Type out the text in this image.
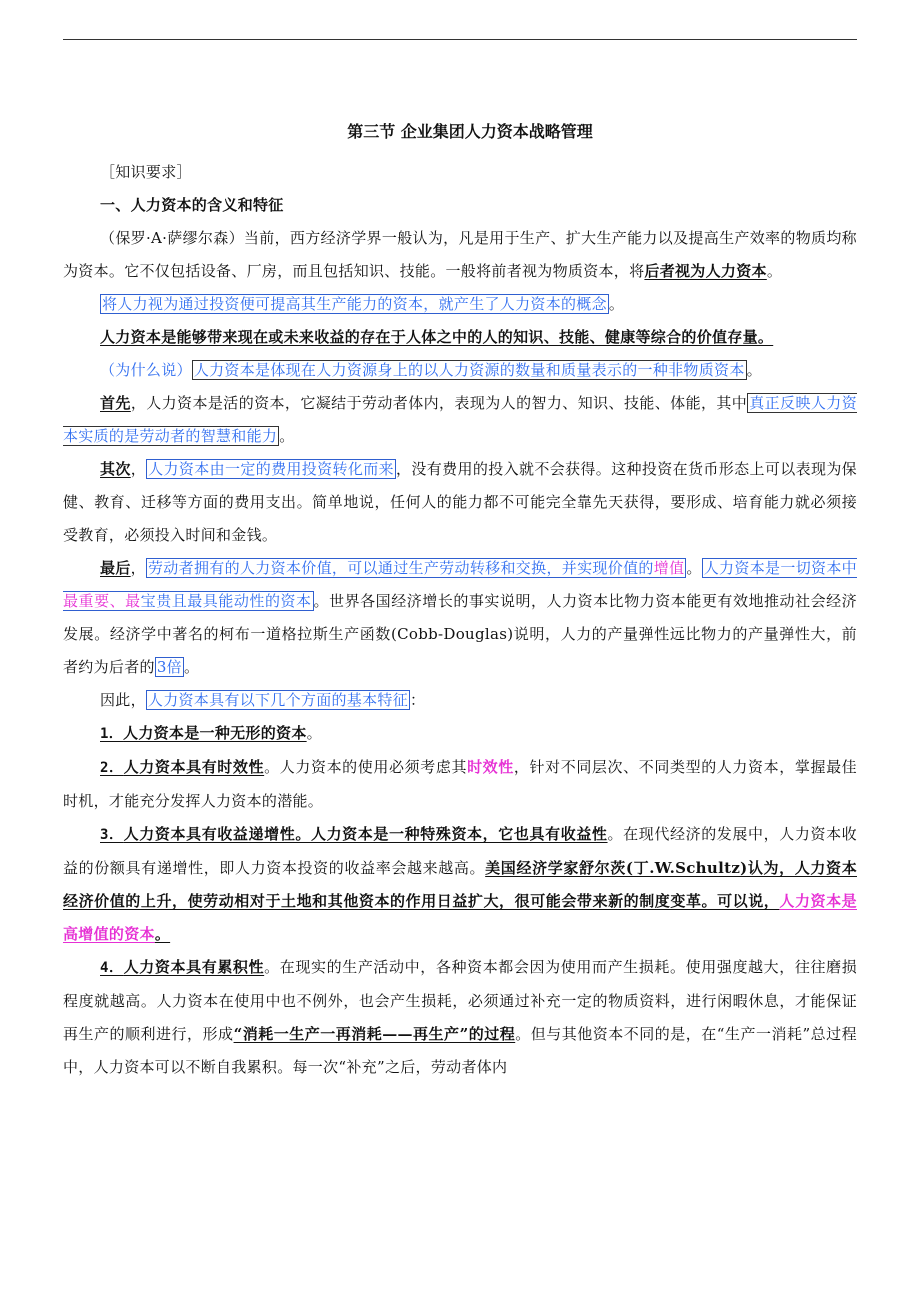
第三节 企业集团人力资本战略管理

［知识要求］

一、人力资本的含义和特征

（保罗·A·萨缪尔森）当前，西方经济学界一般认为，凡是用于生产、扩大生产能力以及提高生产效率的物质均称为资本。它不仅包括设备、厂房，而且包括知识、技能。一般将前者视为物质资本，将后者视为人力资本。

将人力视为通过投资便可提高其生产能力的资本，就产生了人力资本的概念 。

人力资本是能够带来现在或未来收益的存在于人体之中的人的知识、技能、健康等综合的价值存量。

（为什么说） 人力资本是体现在人力资源身上的以人力资源的数量和质量表示的一种非物质资本 。

首先，人力资本是活的资本，它凝结于劳动者体内，表现为人的智力、知识、技能、体能，其中 真正反映人力资本实质的是劳动者的智慧和能力 。

其次， 人力资本由一定的费用投资转化而来 ，没有费用的投入就不会获得。这种投资在货币形态上可以表现为保健、教育、迁移等方面的费用支出。简单地说，任何人的能力都不可能完全靠先天获得，要形成、培育能力就必须接受教育，必须投入时间和金钱。

最后， 劳动者拥有的人力资本价值，可以通过生产劳动转移和交换，并实现价值的增值 。 人力资本是一切资本中最重要、最宝贵且最具能动性的资本 。世界各国经济增长的事实说明，人力资本比物力资本能更有效地推动社会经济发展。经济学中著名的柯布一道格拉斯生产函数(Cobb-Douglas)说明，人力的产量弹性远比物力的产量弹性大，前者约为后者的 3倍 。

因此， 人力资本具有以下几个方面的基本特征 ：

1．人力资本是一种无形的资本。

2．人力资本具有时效性。人力资本的使用必须考虑其时效性，针对不同层次、不同类型的人力资本，掌握最佳时机，才能充分发挥人力资本的潜能。

3．人力资本具有收益递增性。人力资本是一种特殊资本，它也具有收益性。在现代经济的发展中，人力资本收益的份额具有递增性，即人力资本投资的收益率会越来越高。美国经济学家舒尔茨(丁.W.Schultz)认为，人力资本经济价值的上升，使劳动相对于土地和其他资本的作用日益扩大，很可能会带来新的制度变革。可以说，人力资本是高增值的资本。

4．人力资本具有累积性。在现实的生产活动中，各种资本都会因为使用而产生损耗。使用强度越大，往往磨损程度就越高。人力资本在使用中也不例外，也会产生损耗，必须通过补充一定的物质资料，进行闲暇休息，才能保证再生产的顺利进行，形成“消耗一生产一再消耗——再生产”的过程。但与其他资本不同的是，在“生产一消耗”总过程中，人力资本可以不断自我累积。每一次“补充”之后，劳动者体内
